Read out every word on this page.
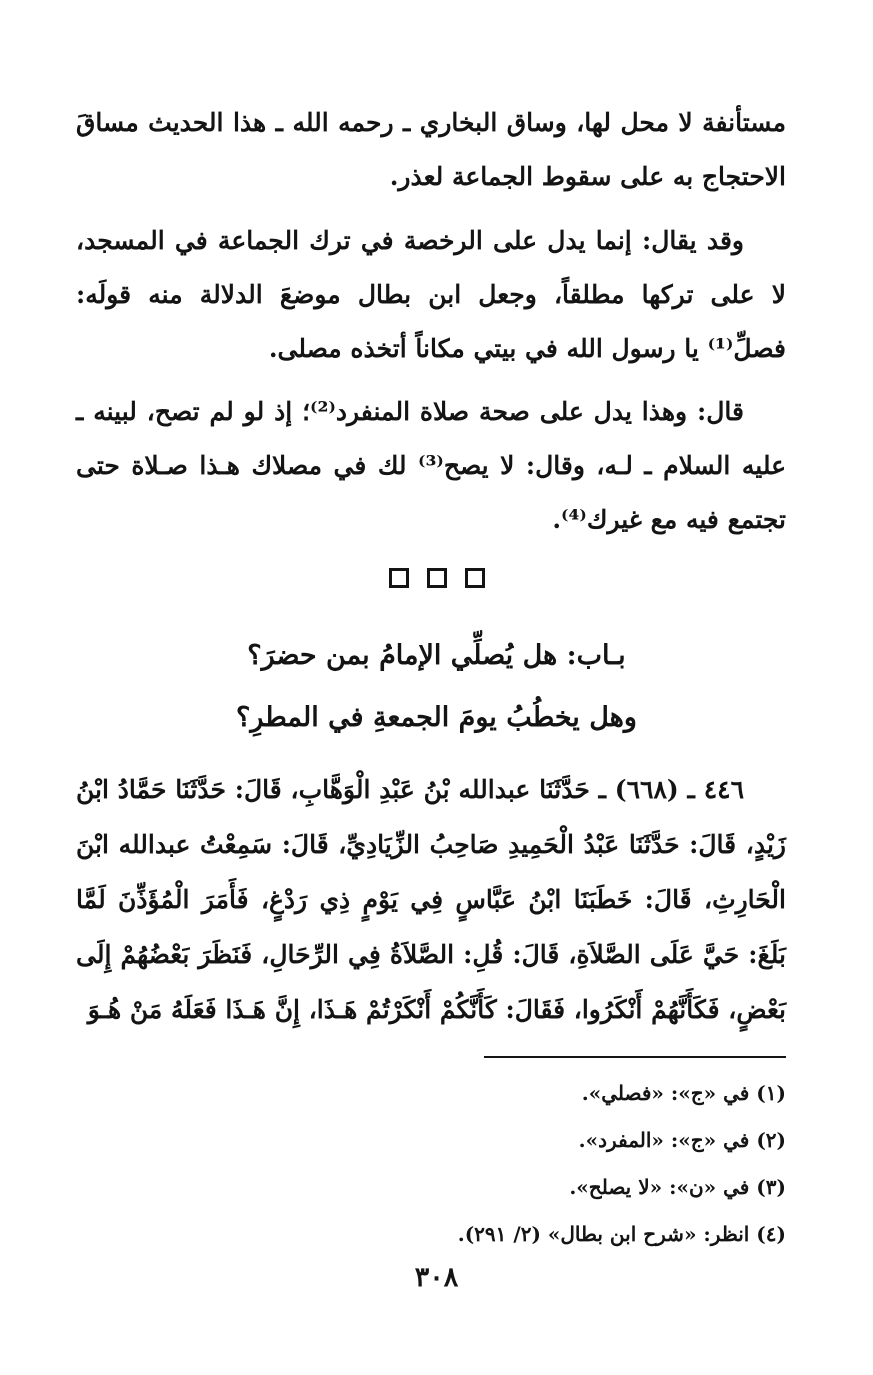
مستأنفة لا محل لها، وساق البخاري ـ رحمه الله ـ هذا الحديث مساقَ الاحتجاج به على سقوط الجماعة لعذر.
وقد يقال: إنما يدل على الرخصة في ترك الجماعة في المسجد، لا على تركها مطلقاً، وجعل ابن بطال موضعَ الدلالة منه قولَه: فصلِّ⁽¹⁾ يا رسول الله في بيتي مكاناً أتخذه مصلى.
قال: وهذا يدل على صحة صلاة المنفرد⁽²⁾؛ إذ لو لم تصح، لبينه ـ عليه السلام ـ لـه، وقال: لا يصح⁽³⁾ لك في مصلاك هـذا صـلاة حتى تجتمع فيه مع غيرك⁽⁴⁾.
بـاب: هل يُصلِّي الإمامُ بمن حضرَ؟
وهل يخطُبُ يومَ الجمعةِ في المطرِ؟
٤٤٦ ـ (٦٦٨) ـ حَدَّثَنَا عبدالله بْنُ عَبْدِ الْوَهَّابِ، قَالَ: حَدَّثَنَا حَمَّادُ ابْنُ زَيْدٍ، قَالَ: حَدَّثَنَا عَبْدُ الْحَمِيدِ صَاحِبُ الزِّيَادِيِّ، قَالَ: سَمِعْتُ عبدالله ابْنَ الْحَارِثِ، قَالَ: خَطَبَنَا ابْنُ عَبَّاسٍ فِي يَوْمٍ ذِي رَدْغٍ، فَأَمَرَ الْمُؤَذِّنَ لَمَّا بَلَغَ: حَيَّ عَلَى الصَّلاَةِ، قَالَ: قُلِ: الصَّلاَةُ فِي الرِّحَالِ، فَنَظَرَ بَعْضُهُمْ إِلَى بَعْضٍ، فَكَأَنَّهُمْ أَنْكَرُوا، فَقَالَ: كَأَنَّكُمْ أَنْكَرْتُمْ هَـذَا، إِنَّ هَـذَا فَعَلَهُ مَنْ هُـوَ
(١) في «ج»: «فصلي».
(٢) في «ج»: «المفرد».
(٣) في «ن»: «لا يصلح».
(٤) انظر: «شرح ابن بطال» (٢/ ٢٩١).
٣٠٨
